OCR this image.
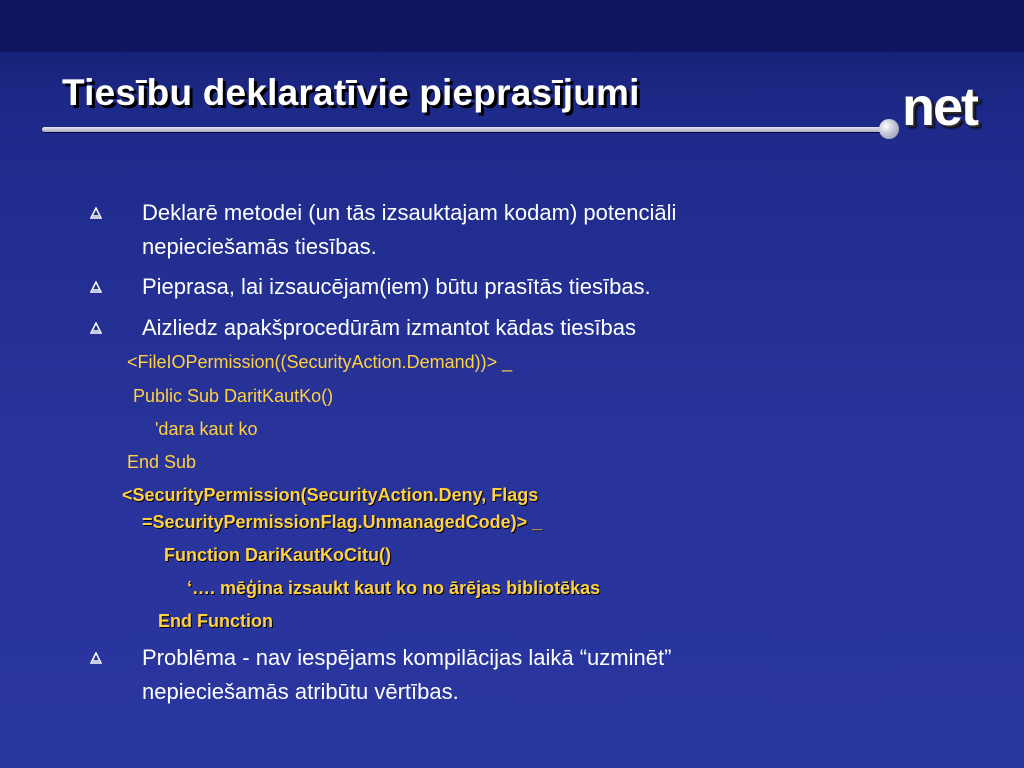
Tiesību deklaratīvie pieprasījumi	net
Deklarē metodei (un tās izsauktajam kodam) potenciāli
nepieciešamās tiesības.
Pieprasa, lai izsaucējam(iem) būtu prasītās tiesības.
Aizliedz apakšprocedūrām izmantot kādas tiesības
<FileIOPermission((SecurityAction.Demand))> _
Public Sub DaritKautKo()
'dara kaut ko
End Sub
<SecurityPermission(SecurityAction.Deny, Flags
=SecurityPermissionFlag.UnmanagedCode)> _
Function DariKautKoCitu()
‘…. mēģina izsaukt kaut ko no ārējas bibliotēkas
End Function
Problēma - nav iespējams kompilācijas laikā “uzminēt”
nepieciešamās atribūtu vērtības.
